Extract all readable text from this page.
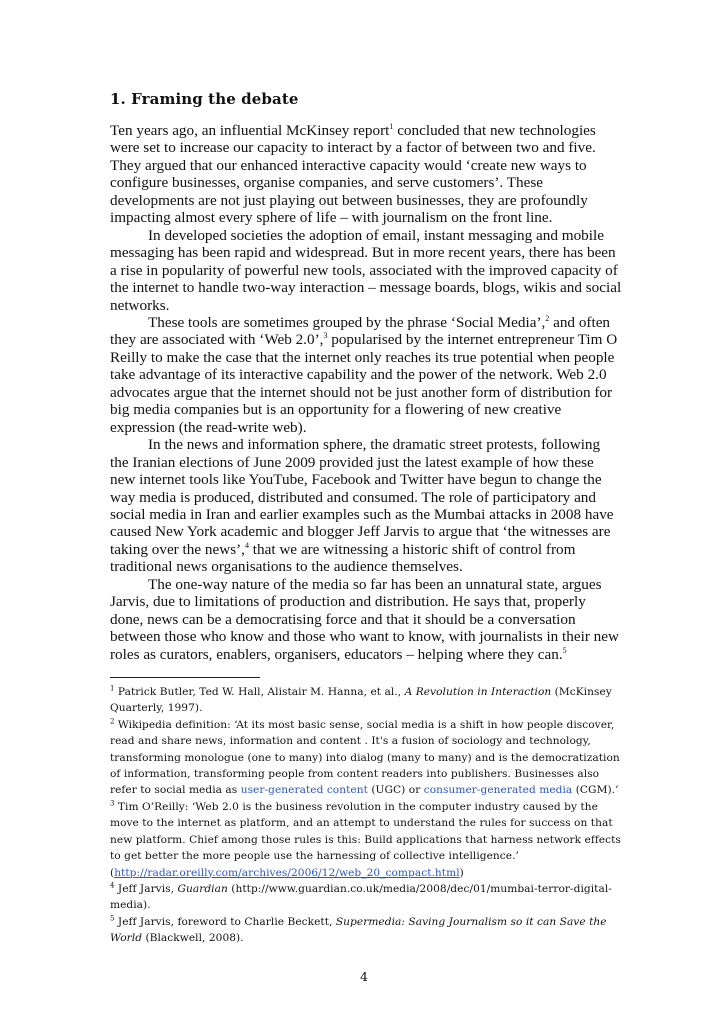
1. Framing the debate

Ten years ago, an influential McKinsey report$^1$ concluded that new technologies were set to increase our capacity to interact by a factor of between two and five. They argued that our enhanced interactive capacity would ‘create new ways to configure businesses, organise companies, and serve customers’. These developments are not just playing out between businesses, they are profoundly impacting almost every sphere of life – with journalism on the front line.

In developed societies the adoption of email, instant messaging and mobile messaging has been rapid and widespread. But in more recent years, there has been a rise in popularity of powerful new tools, associated with the improved capacity of the internet to handle two-way interaction – message boards, blogs, wikis and social networks.

These tools are sometimes grouped by the phrase ‘Social Media’,$^2$ and often they are associated with ‘Web 2.0’,$^3$ popularised by the internet entrepreneur Tim O Reilly to make the case that the internet only reaches its true potential when people take advantage of its interactive capability and the power of the network. Web 2.0 advocates argue that the internet should not be just another form of distribution for big media companies but is an opportunity for a flowering of new creative expression (the read-write web).

In the news and information sphere, the dramatic street protests, following the Iranian elections of June 2009 provided just the latest example of how these new internet tools like YouTube, Facebook and Twitter have begun to change the way media is produced, distributed and consumed. The role of participatory and social media in Iran and earlier examples such as the Mumbai attacks in 2008 have caused New York academic and blogger Jeff Jarvis to argue that ‘the witnesses are taking over the news’,$^4$ that we are witnessing a historic shift of control from traditional news organisations to the audience themselves.

The one-way nature of the media so far has been an unnatural state, argues Jarvis, due to limitations of production and distribution. He says that, properly done, news can be a democratising force and that it should be a conversation between those who know and those who want to know, with journalists in their new roles as curators, enablers, organisers, educators – helping where they can.$^5$

$^1$ Patrick Butler, Ted W. Hall, Alistair M. Hanna, et al., A Revolution in Interaction (McKinsey Quarterly, 1997).

$^2$ Wikipedia definition: ‘At its most basic sense, social media is a shift in how people discover, read and share news, information and content . It's a fusion of sociology and technology, transforming monologue (one to many) into dialog (many to many) and is the democratization of information, transforming people from content readers into publishers. Businesses also refer to social media as user-generated content (UGC) or consumer-generated media (CGM).’

$^3$ Tim O’Reilly: ‘Web 2.0 is the business revolution in the computer industry caused by the move to the internet as platform, and an attempt to understand the rules for success on that new platform. Chief among those rules is this: Build applications that harness network effects to get better the more people use the harnessing of collective intelligence.’ (http://radar.oreilly.com/archives/2006/12/web_20_compact.html)

$^4$ Jeff Jarvis, Guardian (http://www.guardian.co.uk/media/2008/dec/01/mumbai-terror-digital-media).

$^5$ Jeff Jarvis, foreword to Charlie Beckett, Supermedia: Saving Journalism so it can Save the World (Blackwell, 2008).

4
